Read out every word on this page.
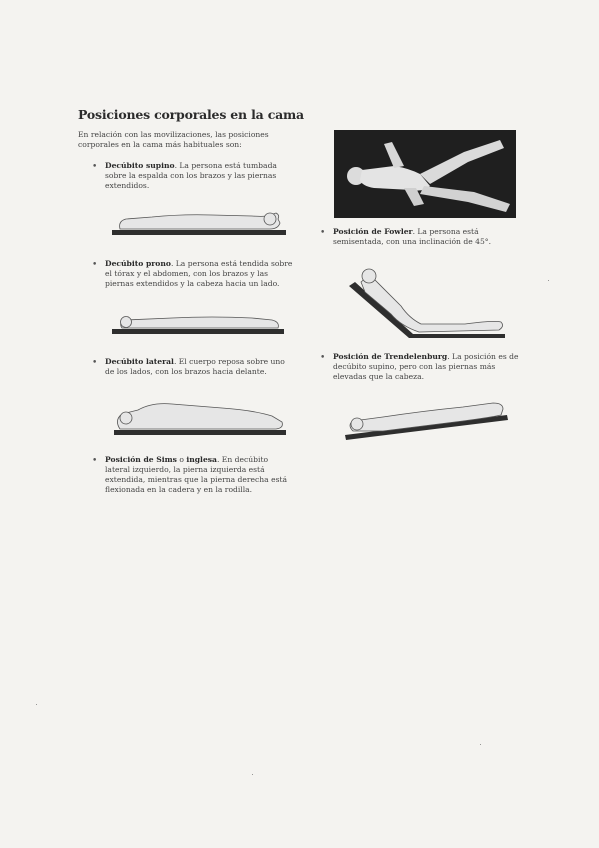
Posiciones corporales en la cama
En relación con las movilizaciones, las posiciones corporales en la cama más habituales son:
• Decúbito supino. La persona está tumbada sobre la espalda con los brazos y las piernas extendidos.
• Decúbito prono. La persona está tendida sobre el tórax y el abdomen, con los brazos y las piernas extendidos y la cabeza hacia un lado.
• Decúbito lateral. El cuerpo reposa sobre uno de los lados, con los brazos hacia delante.
• Posición de Sims o inglesa. En decúbito lateral izquierdo, la pierna izquierda está extendida, mientras que la pierna derecha está flexionada en la cadera y en la rodilla.
• Posición de Fowler. La persona está semisentada, con una inclinación de 45°.
• Posición de Trendelenburg. La posición es de decúbito supino, pero con las piernas más elevadas que la cabeza.
